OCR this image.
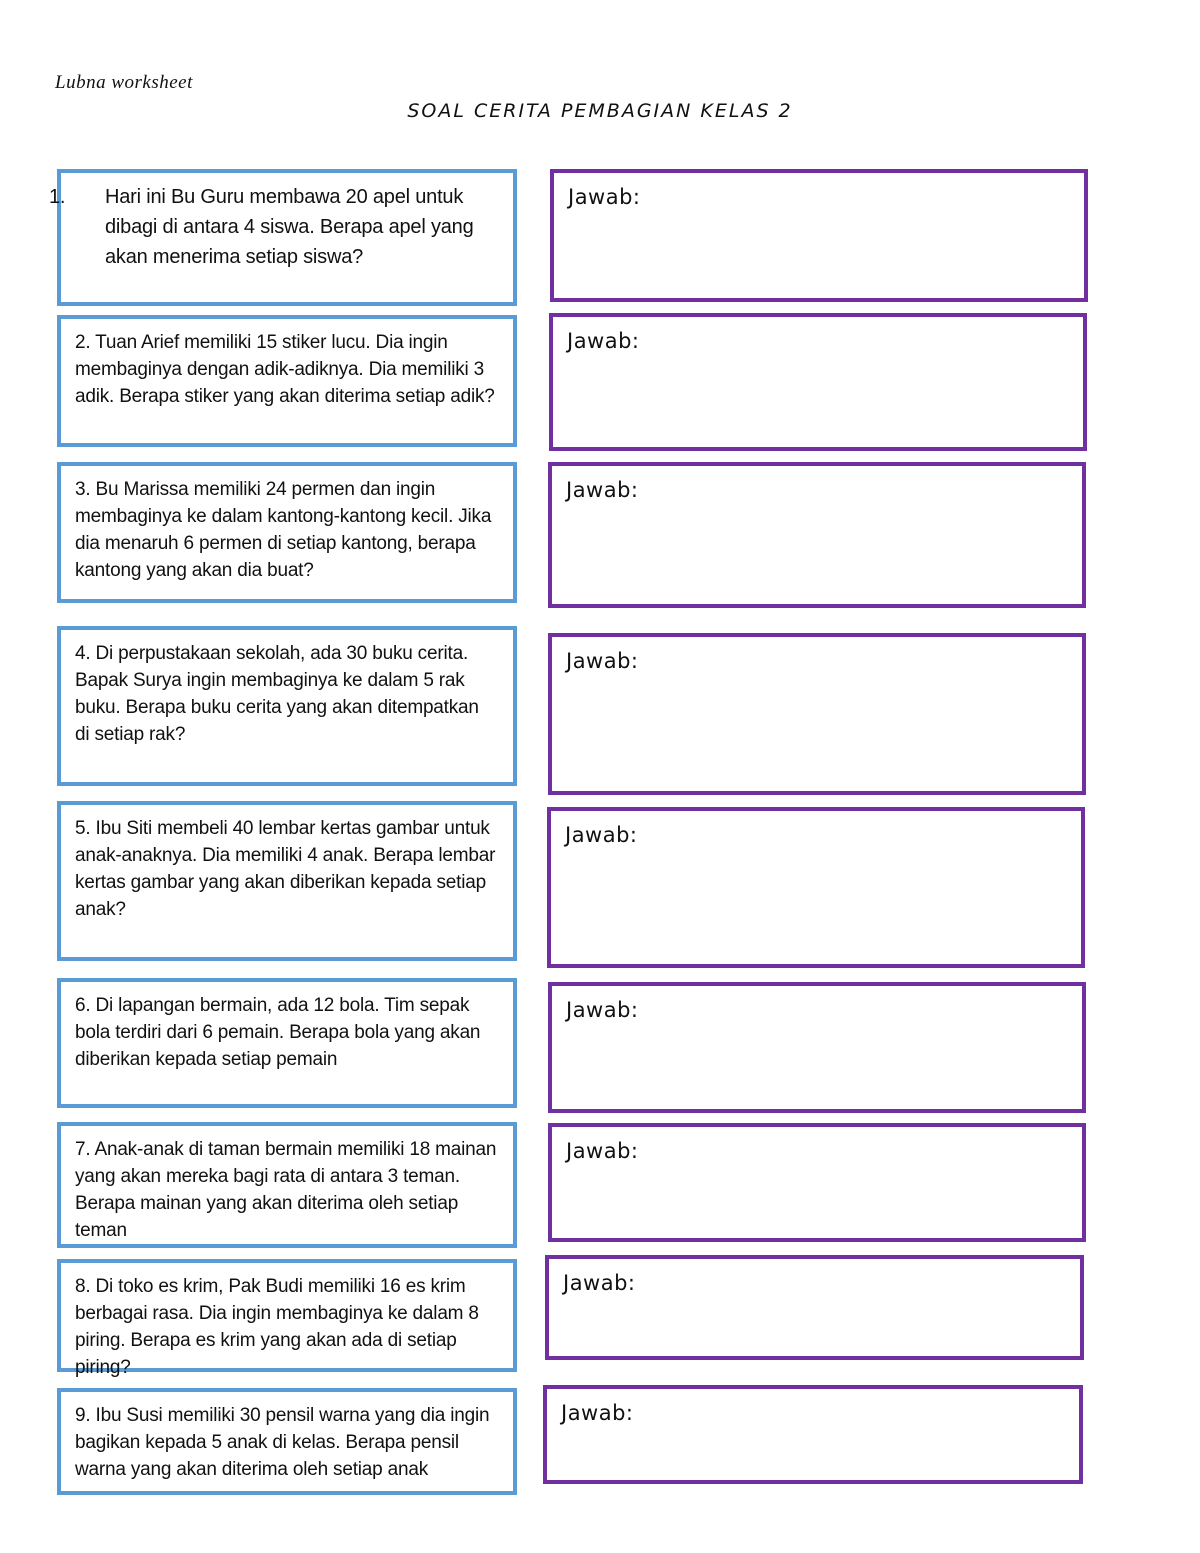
Lubna worksheet
SOAL CERITA PEMBAGIAN KELAS 2
1. Hari ini Bu Guru membawa 20 apel untuk dibagi di antara 4 siswa. Berapa apel yang akan menerima setiap siswa?
Jawab:
2. Tuan Arief memiliki 15 stiker lucu. Dia ingin membaginya dengan adik-adiknya. Dia memiliki 3 adik. Berapa stiker yang akan diterima setiap adik?
Jawab:
3. Bu Marissa memiliki 24 permen dan ingin membaginya ke dalam kantong-kantong kecil. Jika dia menaruh 6 permen di setiap kantong, berapa kantong yang akan dia buat?
Jawab:
4. Di perpustakaan sekolah, ada 30 buku cerita. Bapak Surya ingin membaginya ke dalam 5 rak buku. Berapa buku cerita yang akan ditempatkan di setiap rak?
Jawab:
5. Ibu Siti membeli 40 lembar kertas gambar untuk anak-anaknya. Dia memiliki 4 anak. Berapa lembar kertas gambar yang akan diberikan kepada setiap anak?
Jawab:
6. Di lapangan bermain, ada 12 bola. Tim sepak bola terdiri dari 6 pemain. Berapa bola yang akan diberikan kepada setiap pemain
Jawab:
7. Anak-anak di taman bermain memiliki 18 mainan yang akan mereka bagi rata di antara 3 teman. Berapa mainan yang akan diterima oleh setiap teman
Jawab:
8. Di toko es krim, Pak Budi memiliki 16 es krim berbagai rasa. Dia ingin membaginya ke dalam 8 piring. Berapa es krim yang akan ada di setiap piring?
Jawab:
9. Ibu Susi memiliki 30 pensil warna yang dia ingin bagikan kepada 5 anak di kelas. Berapa pensil warna yang akan diterima oleh setiap anak
Jawab:
